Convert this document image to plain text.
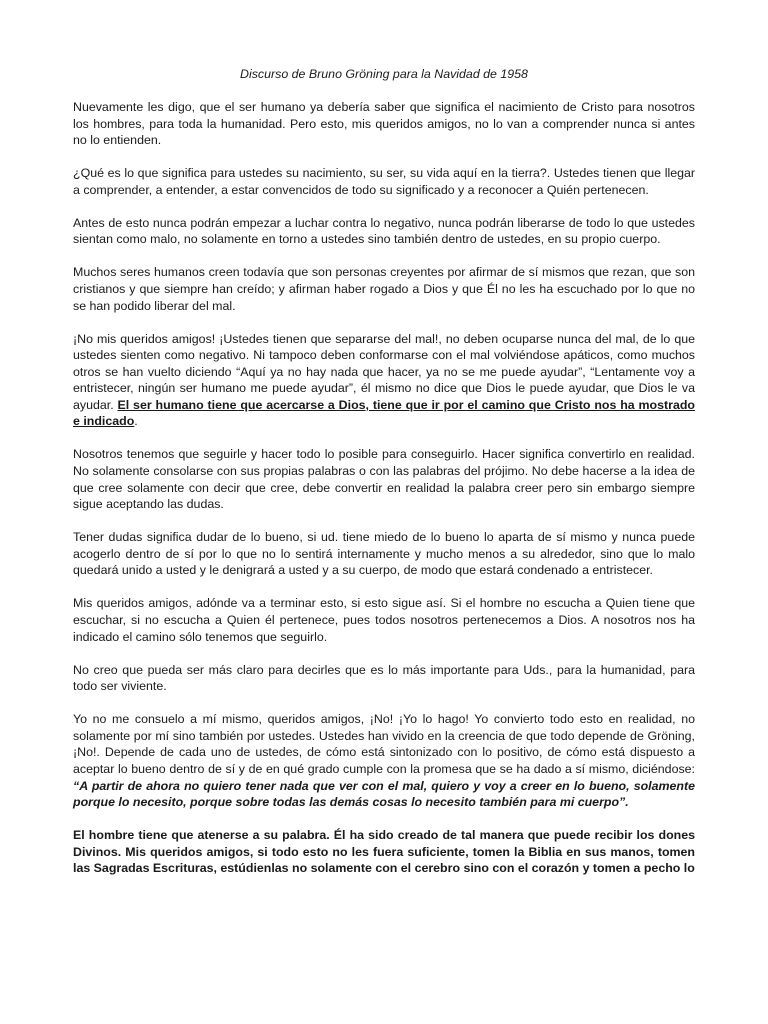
Discurso de Bruno Gröning para la Navidad de 1958

Nuevamente les digo, que el ser humano ya debería saber que significa el nacimiento de Cristo para nosotros los hombres, para toda la humanidad. Pero esto, mis queridos amigos, no lo van a comprender nunca si antes no lo entienden.

¿Qué es lo que significa para ustedes su nacimiento, su ser, su vida aquí en la tierra?. Ustedes tienen que llegar a comprender, a entender, a estar convencidos de todo su significado y a reconocer a Quién pertenecen.

Antes de esto nunca podrán empezar a luchar contra lo negativo, nunca podrán liberarse de todo lo que ustedes sientan como malo, no solamente en torno a ustedes sino también dentro de ustedes, en su propio cuerpo.

Muchos seres humanos creen todavía que son personas creyentes por afirmar de sí mismos que rezan, que son cristianos y que siempre han creído; y afirman haber rogado a Dios y que Él no les ha escuchado por lo que no se han podido liberar del mal.

¡No mis queridos amigos! ¡Ustedes tienen que separarse del mal!, no deben ocuparse nunca del mal, de lo que ustedes sienten como negativo. Ni tampoco deben conformarse con el mal volviéndose apáticos, como muchos otros se han vuelto diciendo “Aquí ya no hay nada que hacer, ya no se me puede ayudar”, “Lentamente voy a entristecer, ningún ser humano me puede ayudar”, él mismo no dice que Dios le puede ayudar, que Dios le va ayudar. El ser humano tiene que acercarse a Dios, tiene que ir por el camino que Cristo nos ha mostrado e indicado.

Nosotros tenemos que seguirle y hacer todo lo posible para conseguirlo. Hacer significa convertirlo en realidad. No solamente consolarse con sus propias palabras o con las palabras del prójimo. No debe hacerse a la idea de que cree solamente con decir que cree, debe convertir en realidad la palabra creer pero sin embargo siempre sigue aceptando las dudas.

Tener dudas significa dudar de lo bueno, si ud. tiene miedo de lo bueno lo aparta de sí mismo y nunca puede acogerlo dentro de sí por lo que no lo sentirá internamente y mucho menos a su alrededor, sino que lo malo quedará unido a usted y le denigrará a usted y a su cuerpo, de modo que estará condenado a entristecer.

Mis queridos amigos, adónde va a terminar esto, si esto sigue así. Si el hombre no escucha a Quien tiene que escuchar, si no escucha a Quien él pertenece, pues todos nosotros pertenecemos a Dios. A nosotros nos ha indicado el camino sólo tenemos que seguirlo.

No creo que pueda ser más claro para decirles que es lo más importante para Uds., para la humanidad, para todo ser viviente.

Yo no me consuelo a mí mismo, queridos amigos, ¡No! ¡Yo lo hago! Yo convierto todo esto en realidad, no solamente por mí sino también por ustedes. Ustedes han vivido en la creencia de que todo depende de Gröning, ¡No!. Depende de cada uno de ustedes, de cómo está sintonizado con lo positivo, de cómo está dispuesto a aceptar lo bueno dentro de sí y de en qué grado cumple con la promesa que se ha dado a sí mismo, diciéndose: “A partir de ahora no quiero tener nada que ver con el mal, quiero y voy a creer en lo bueno, solamente porque lo necesito, porque sobre todas las demás cosas lo necesito también para mi cuerpo”.

El hombre tiene que atenerse a su palabra. Él ha sido creado de tal manera que puede recibir los dones Divinos. Mis queridos amigos, si todo esto no les fuera suficiente, tomen la Biblia en sus manos, tomen las Sagradas Escrituras, estúdienlas no solamente con el cerebro sino con el corazón y tomen a pecho lo
